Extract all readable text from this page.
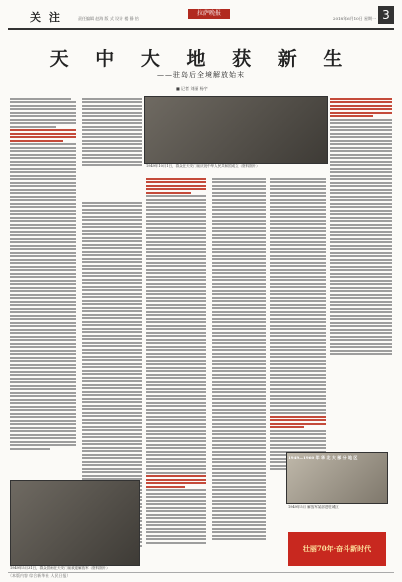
关 注	责任编辑 赵海 版 式 设计 楼 静 怡
拉萨晚报
2018年6月10日 星期一 3
天 中 大 地 获 新 生
——驻岛后全境解放始末
■ 记者 刘丽 杨宇
1949年10月1日，群众在天安门前庆祝中华人民共和国成立（资料图片）
1949—1960 年 华 北 大 部 分 地 区
1949年5月 解放军某部进驻城区
1949年5月31日，群众冒雨在天安门前欢迎解放军（资料图片）
壮丽70年·奋斗新时代
（本版内容 综合新华社 人民日报）
